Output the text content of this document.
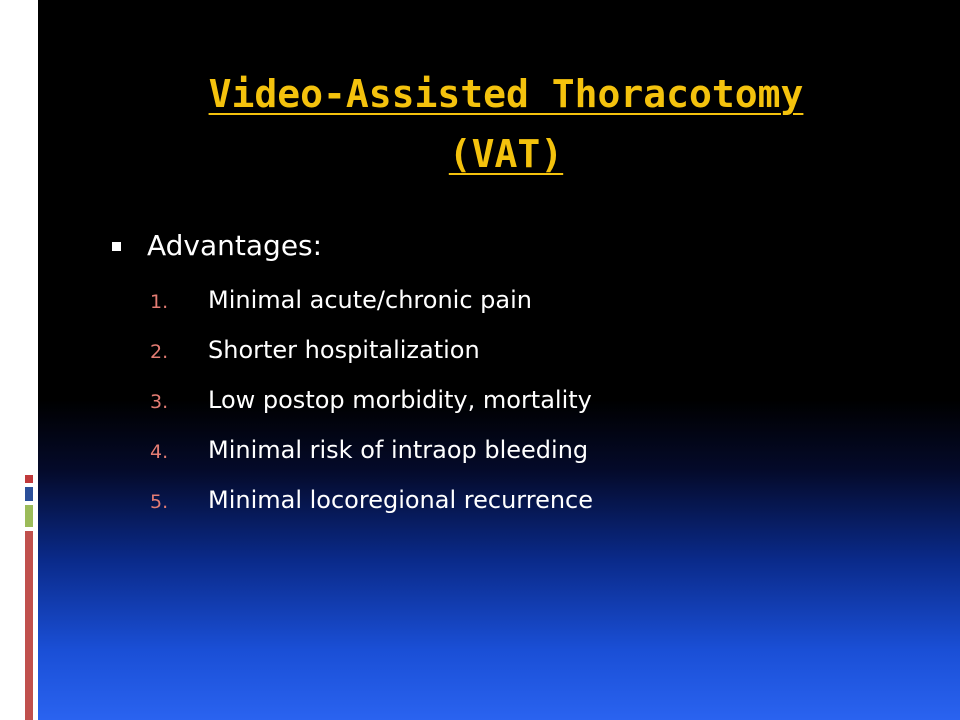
Video-Assisted Thoracotomy
(VAT)
Advantages:
1.	Minimal acute/chronic pain
2.	Shorter hospitalization
3.	Low postop morbidity, mortality
4.	Minimal risk of intraop bleeding
5.	Minimal locoregional recurrence
